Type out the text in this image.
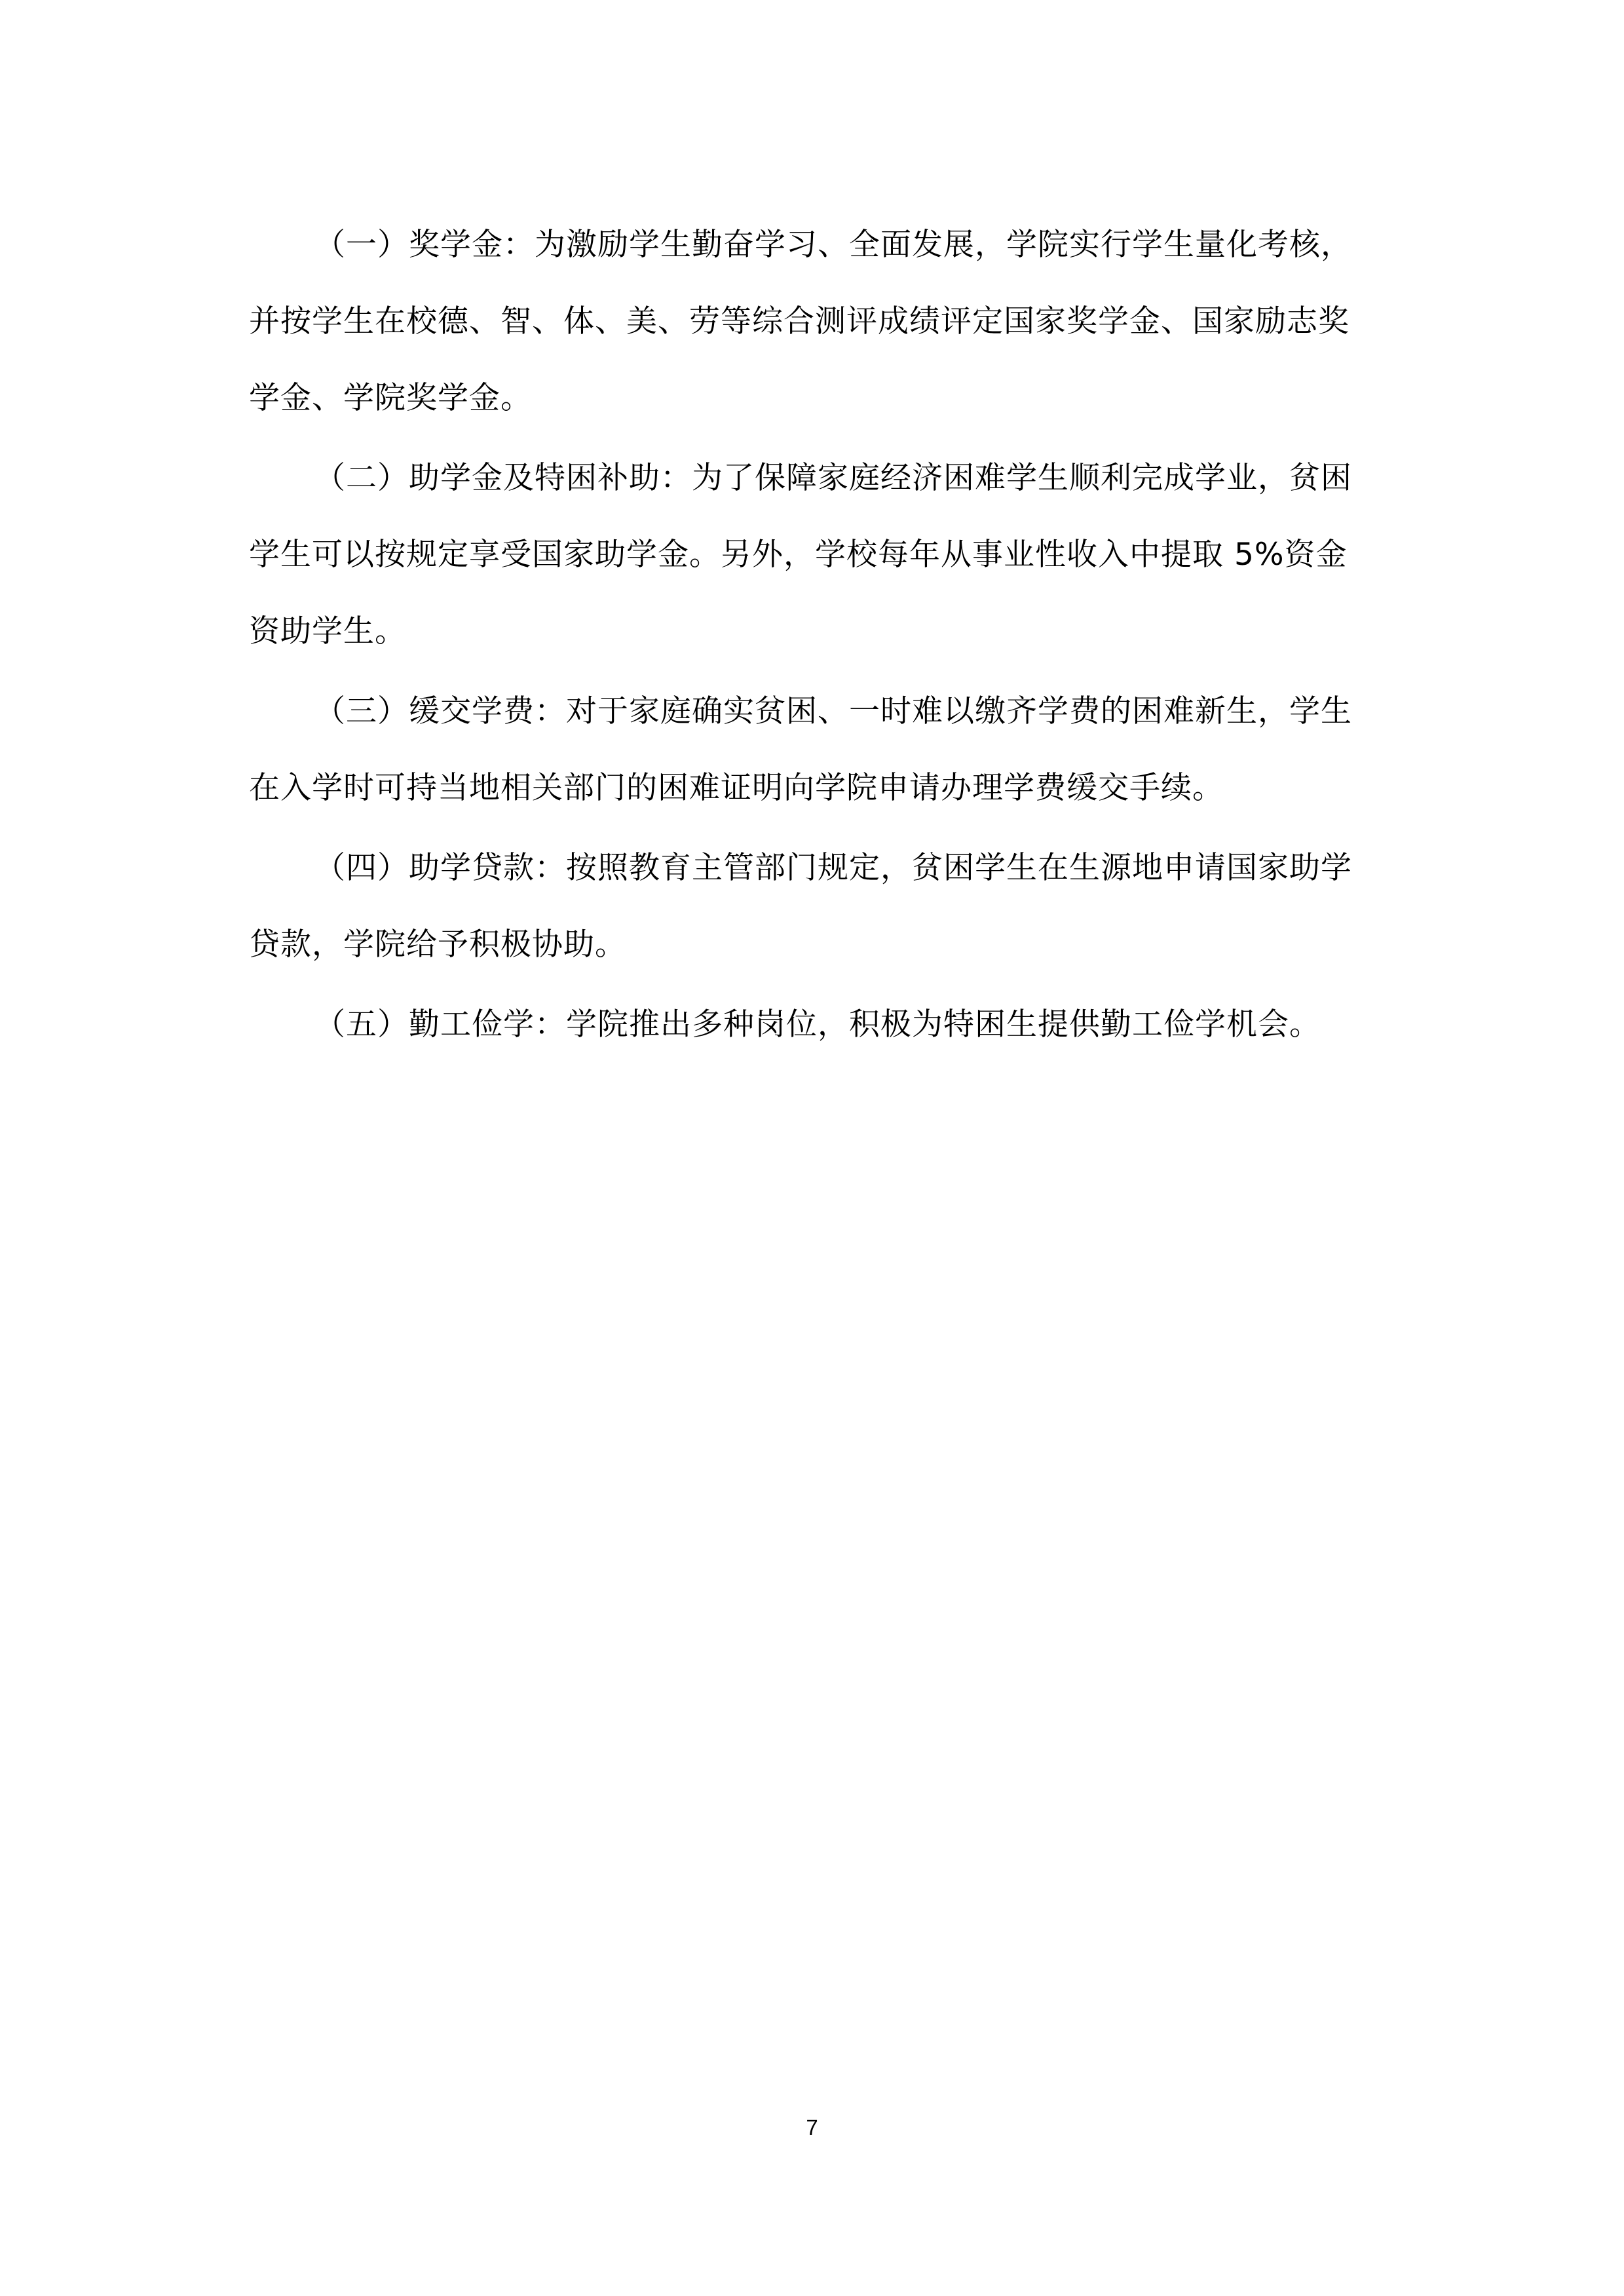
（一）奖学金：为激励学生勤奋学习、全面发展，学院实行学生量化考核，
并按学生在校德、智、体、美、劳等综合测评成绩评定国家奖学金、国家励志奖
学金、学院奖学金。

（二）助学金及特困补助：为了保障家庭经济困难学生顺利完成学业，贫困
学生可以按规定享受国家助学金。另外，学校每年从事业性收入中提取 5%资金
资助学生。

（三）缓交学费：对于家庭确实贫困、一时难以缴齐学费的困难新生，学生
在入学时可持当地相关部门的困难证明向学院申请办理学费缓交手续。

（四）助学贷款：按照教育主管部门规定，贫困学生在生源地申请国家助学
贷款，学院给予积极协助。

（五）勤工俭学：学院推出多种岗位，积极为特困生提供勤工俭学机会。

7
